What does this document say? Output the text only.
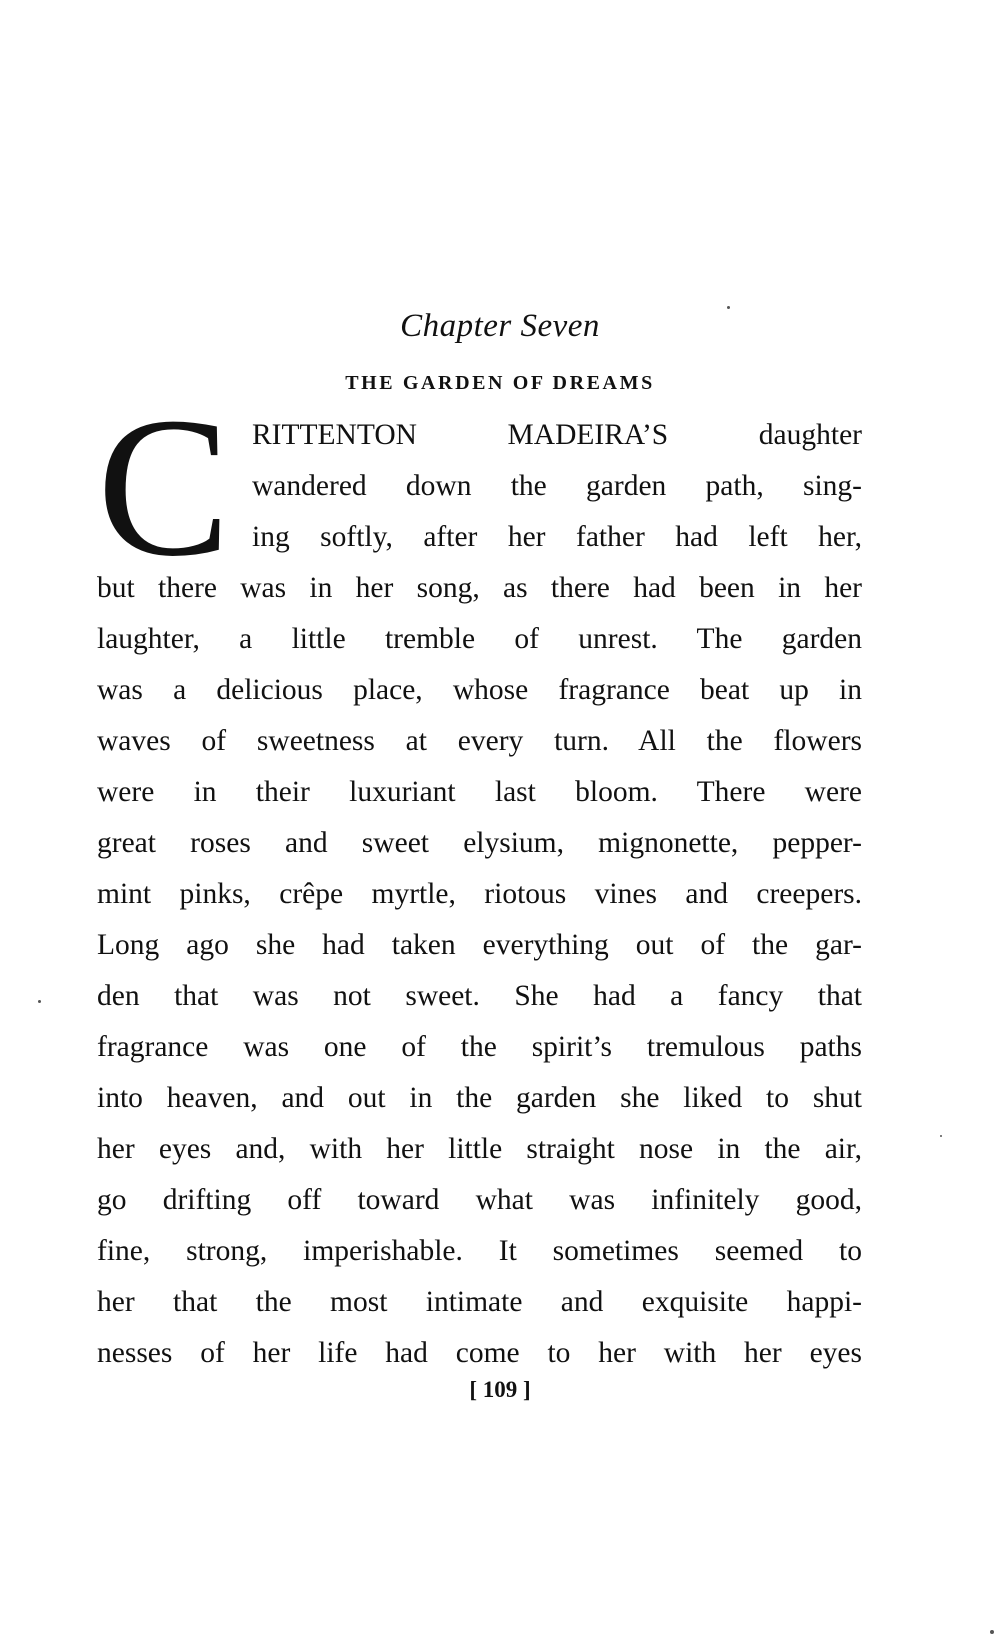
Chapter Seven
THE GARDEN OF DREAMS
C RITTENTON MADEIRA’S daughter
wandered down the garden path, sing-
ing softly, after her father had left her,
but there was in her song, as there had been in her
laughter, a little tremble of unrest. The garden
was a delicious place, whose fragrance beat up in
waves of sweetness at every turn. All the flowers
were in their luxuriant last bloom. There were
great roses and sweet elysium, mignonette, pepper-
mint pinks, crêpe myrtle, riotous vines and creepers.
Long ago she had taken everything out of the gar-
den that was not sweet. She had a fancy that
fragrance was one of the spirit’s tremulous paths
into heaven, and out in the garden she liked to shut
her eyes and, with her little straight nose in the air,
go drifting off toward what was infinitely good,
fine, strong, imperishable. It sometimes seemed to
her that the most intimate and exquisite happi-
nesses of her life had come to her with her eyes
[ 109 ]
